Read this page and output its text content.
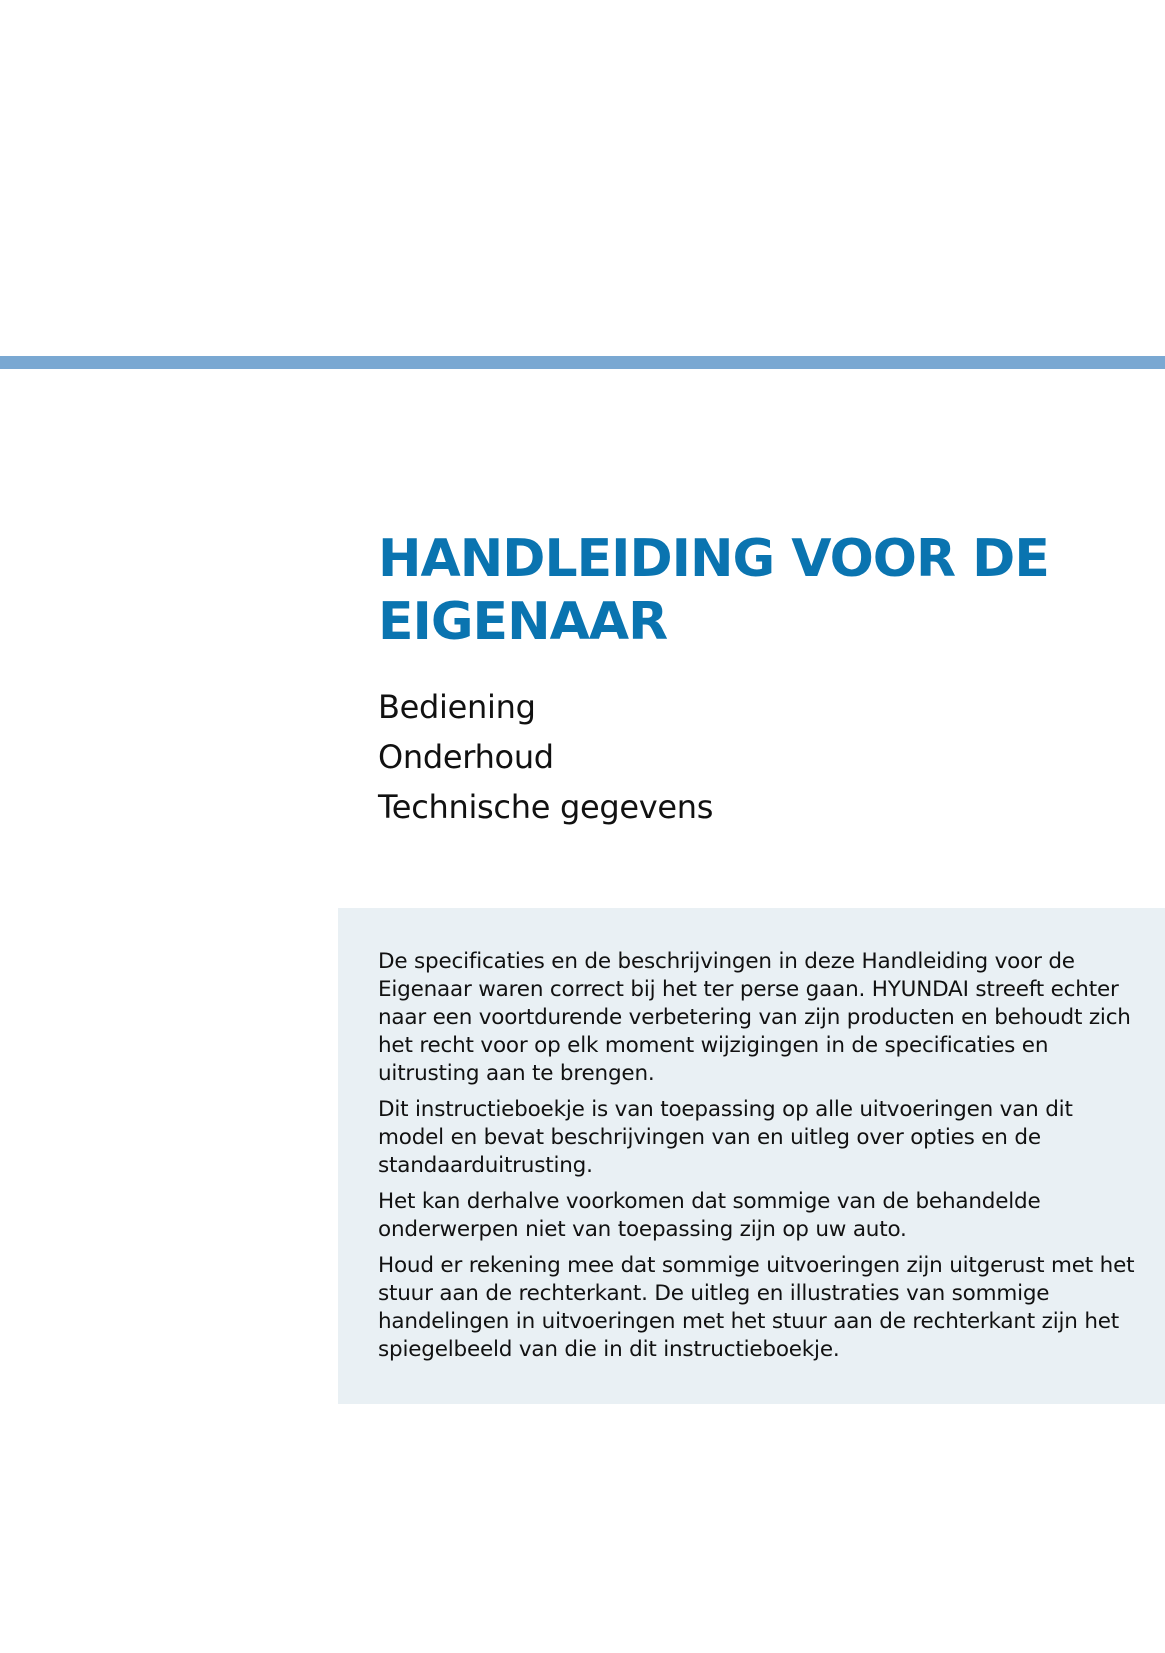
HANDLEIDING VOOR DE
EIGENAAR
Bediening
Onderhoud
Technische gegevens

De specificaties en de beschrijvingen in deze Handleiding voor de Eigenaar waren correct bij het ter perse gaan. HYUNDAI streeft echter naar een voortdurende verbetering van zijn producten en behoudt zich het recht voor op elk moment wijzigingen in de specificaties en uitrusting aan te brengen.

Dit instructieboekje is van toepassing op alle uitvoeringen van dit model en bevat beschrijvingen van en uitleg over opties en de standaarduitrusting.

Het kan derhalve voorkomen dat sommige van de behandelde onderwerpen niet van toepassing zijn op uw auto.

Houd er rekening mee dat sommige uitvoeringen zijn uitgerust met het stuur aan de rechterkant. De uitleg en illustraties van sommige handelingen in uitvoeringen met het stuur aan de rechterkant zijn het spiegelbeeld van die in dit instructieboekje.
